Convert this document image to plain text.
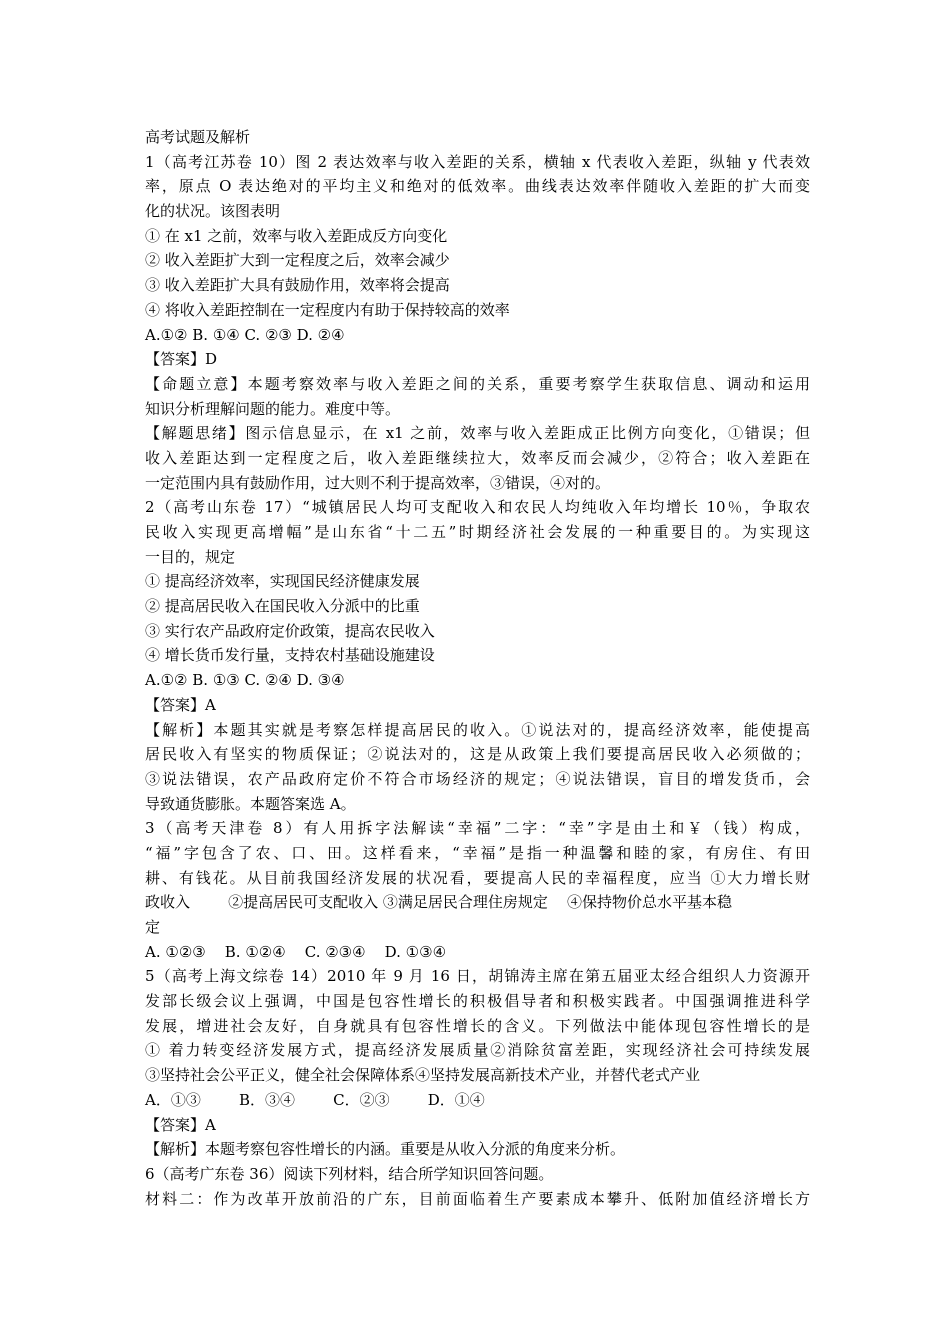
高考试题及解析
1（高考江苏卷 10）图 2 表达效率与收入差距的关系，横轴 x 代表收入差距，纵轴 y 代表效
率，原点 O 表达绝对的平均主义和绝对的低效率。曲线表达效率伴随收入差距的扩大而变
化的状况。该图表明
① 在 x1 之前，效率与收入差距成反方向变化
② 收入差距扩大到一定程度之后，效率会减少
③ 收入差距扩大具有鼓励作用，效率将会提高
④ 将收入差距控制在一定程度内有助于保持较高的效率
A.①② B. ①④ C. ②③ D. ②④
【答案】D
【命题立意】本题考察效率与收入差距之间的关系，重要考察学生获取信息、调动和运用
知识分析理解问题的能力。难度中等。
【解题思绪】图示信息显示，在 x1 之前，效率与收入差距成正比例方向变化，①错误；但
收入差距达到一定程度之后，收入差距继续拉大，效率反而会减少，②符合；收入差距在
一定范围内具有鼓励作用，过大则不利于提高效率，③错误，④对的。
2（高考山东卷 17）“城镇居民人均可支配收入和农民人均纯收入年均增长 10％，争取农
民收入实现更高增幅”是山东省“十二五”时期经济社会发展的一种重要目的。为实现这
一目的，规定
① 提高经济效率，实现国民经济健康发展
② 提高居民收入在国民收入分派中的比重
③ 实行农产品政府定价政策，提高农民收入
④ 增长货币发行量，支持农村基础设施建设
A.①② B. ①③ C. ②④ D. ③④
【答案】A
【解析】本题其实就是考察怎样提高居民的收入。①说法对的，提高经济效率，能使提高
居民收入有坚实的物质保证；②说法对的，这是从政策上我们要提高居民收入必须做的；
③说法错误，农产品政府定价不符合市场经济的规定；④说法错误，盲目的增发货币，会
导致通货膨胀。本题答案选 A。
3（高考天津卷 8）有人用拆字法解读“幸福”二字：“幸”字是由土和￥（钱）构成，
“福”字包含了农、口、田。这样看来，“幸福”是指一种温馨和睦的家，有房住、有田
耕、有钱花。从目前我国经济发展的状况看，要提高人民的幸福程度，应当 ①大力增长财
政收入        ②提高居民可支配收入 ③满足居民合理住房规定    ④保持物价总水平基本稳
定
A. ①②③    B. ①②④    C. ②③④    D. ①③④
5（高考上海文综卷 14）2010 年 9 月 16 日，胡锦涛主席在第五届亚太经合组织人力资源开
发部长级会议上强调，中国是包容性增长的积极倡导者和积极实践者。中国强调推进科学
发展，增进社会友好，自身就具有包容性增长的含义。下列做法中能体现包容性增长的是
① 着力转变经济发展方式，提高经济发展质量②消除贫富差距，实现经济社会可持续发展
③坚持社会公平正义，健全社会保障体系④坚持发展高新技术产业，并替代老式产业
A．①③        B．③④        C．②③        D．①④
【答案】A
【解析】本题考察包容性增长的内涵。重要是从收入分派的角度来分析。
6（高考广东卷 36）阅读下列材料，结合所学知识回答问题。
材料二：作为改革开放前沿的广东，目前面临着生产要素成本攀升、低附加值经济增长方
